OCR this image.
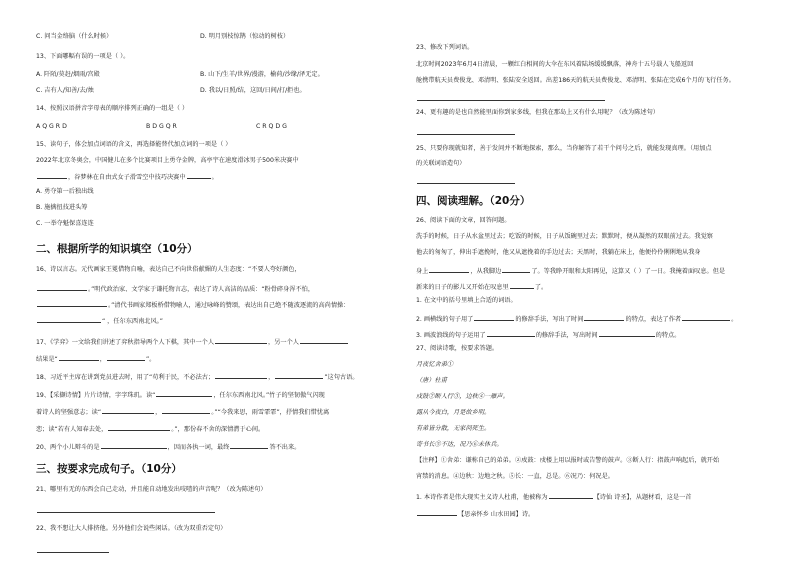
C. 问当金络脑（什么时候）	D. 明月别枝惊鹊（惊动的树枝）
13、下面哪幅有误的一项是（ ）。
A. 阡陌/莫赶/烟雨/宫殿	B. 山下/生羊/世界/漫游，榆荷/沙缘/泽无定。
C. 吉有人/知善/去/烛	D. 我以/日照/结，这回/日间/打/拒也。
14、按照汉语拼音字母表的顺序排列正确的一组是（ ）
A Q G R D	B D G Q R	C R Q D G
15、读句子，体会加点词语的含义，再选择能替代加点词的一项是（ ）
2022年北京冬奥会，中国健儿在多个比赛项目上勇夺金牌，高亭宇在速度滑冰男子500米决赛中
，谷梦林在自由式女子滑雪空中技巧决赛中	。
A. 勇夺第一后独出线
B. 施擒扭技进头筹
C. 一举夺魁保喜连连
二、根据所学的知识填空（10分）
16、诗以言志。元代画家王冕借物自喻，表达自己不向世俗献媚的人生态度：“不要人夸好颜色，
。”明代政治家、文学家于谦托物言志，表达了诗人高洁的品质：“粉骨碎身浑不怕，
。”清代书画家郑板桥借物喻人，通过咏峰的赞颂，表达出自己绝不随波逐流的高尚情操：
“ ，任尔东西南北风。”
17、《学弈》一文给我们讲述了弈秋指导两个人下棋，其中一个人	，另一个人
结果是“	，	”。
18、习近平主席在讲到党员进去时，用了“苟利于民，不必法古；	，	”这句古语。
19、【采撷诗情】片片诗情，字字珠玑。读“	，任尔东西南北风。”竹子的坚韧傲气闪现
着诗人的坚强意志；读“	，	。”“今我来思，雨雪霏霏”，抒情我们惜忧离
恋；读“若有人知春去处，	。”，那份春不舍的深情潸于心间。
20、两个小儿辩斗的是	，因而各执一词，最终	答不出来。
三、按要求完成句子。（10分）
21、哪里有无的东西会自己走动，并且能自动地发出吱喳的声音呢？（改为陈述句）
22、我不想让大人排挤他。另外他们会说些闲话。（改为双重否定句）
23、修改下列词语。
北京时间2023年6月4日清晨，一颗红白相间的大伞在东风着陆场缓缓飘落，神舟十五号载人飞船返回
舱携带航天员费俊龙、邓清明、张陆安全返回。出差186天的航天员费俊龙、邓清明、张陆在完成6个月的飞行任务。
24、更有趣的是也自然能里面你到家多线，但我在那岛上又有什么用呢？（改为陈述句）
25、只要你现就知者，善于发问并不断地探索，那么，当你解答了若干个问号之后，就能发现真理。（用加点
的关联词语造句）
四、阅读理解。（20分）
26、阅读下面的文章，回答问题。
洗手的时候，日子从水盆里过去；吃饭的时候，日子从饭碗里过去；默默时，便从凝然的双眼前过去。我觉察
他去的匆匆了，伸出手遮挽时，他又从遮挽着的手边过去；天黑时，我躺在床上，他便伶伶俐俐地从我身
身上	，从我脚边	了。等我睁开眼和太阳再见，这算又（ ）了一日。我掩着面叹息。但是
新来的日子的影儿又开始在叹息里	了。
1. 在文中的括号里填上合适的词语。
2. 画横线的句子用了	的修辞手法，写出了时间	的特点，表达了作者	。
3. 画波浪线的句子运用了	的修辞手法，写出时间	的特点。
27、阅读诗歌，按要求答题。
月夜忆舍弟①
（唐）杜甫
戍鼓②断人行③，边秋④一雁声。
露从今夜白，月是故乡明。
有弟皆分散，无家问死生。
寄书长⑤不达，况乃⑥未休兵。
【注释】①舍弟：谦称自己的弟弟。②戍鼓：戍楼上用以报时或告警的鼓声。③断人行：指鼓声响起后，就开始
宵禁的消息。④边秋：边地之秋。⑤长：一直，总是。⑥况乃：何况是。
1. 本诗作者是伟大现实主义诗人杜甫，他被称为	【诗仙 诗圣】，从题材看，这是一首
【思亲怀乡 山水田园】诗。
